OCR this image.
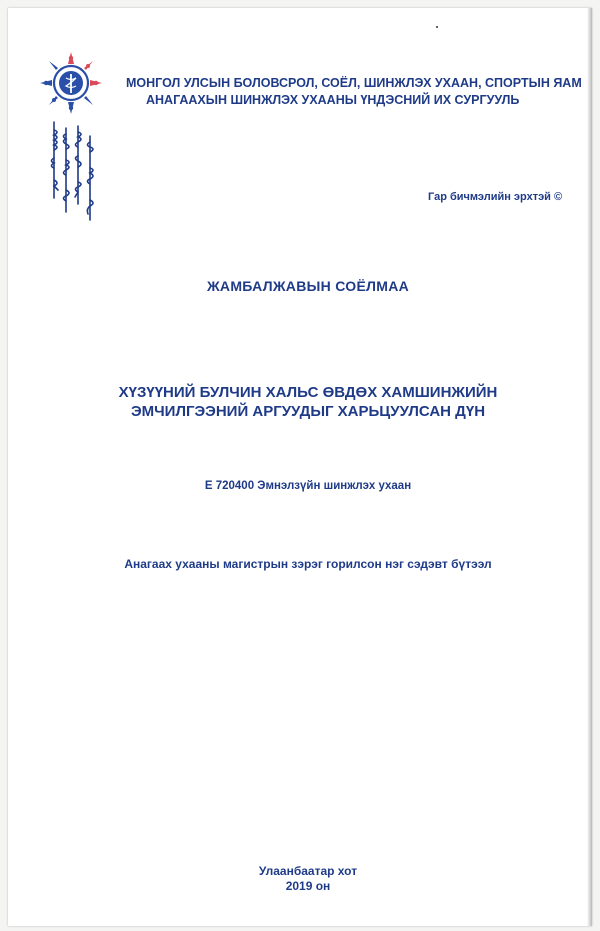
МОНГОЛ УЛСЫН БОЛОВСРОЛ, СОЁЛ, ШИНЖЛЭХ УХААН, СПОРТЫН ЯАМ
АНАГААХЫН ШИНЖЛЭХ УХААНЫ ҮНДЭСНИЙ ИХ СУРГУУЛЬ
Гар бичмэлийн эрхтэй ©
ЖАМБАЛЖАВЫН СОЁЛМАА
ХҮЗҮҮНИЙ БУЛЧИН ХАЛЬС ӨВДӨХ ХАМШИНЖИЙН
ЭМЧИЛГЭЭНИЙ АРГУУДЫГ ХАРЬЦУУЛСАН ДҮН
Е 720400 Эмнэлзүйн шинжлэх ухаан
Анагаах ухааны магистрын зэрэг горилсон нэг сэдэвт бүтээл
Улаанбаатар хот
2019 он
